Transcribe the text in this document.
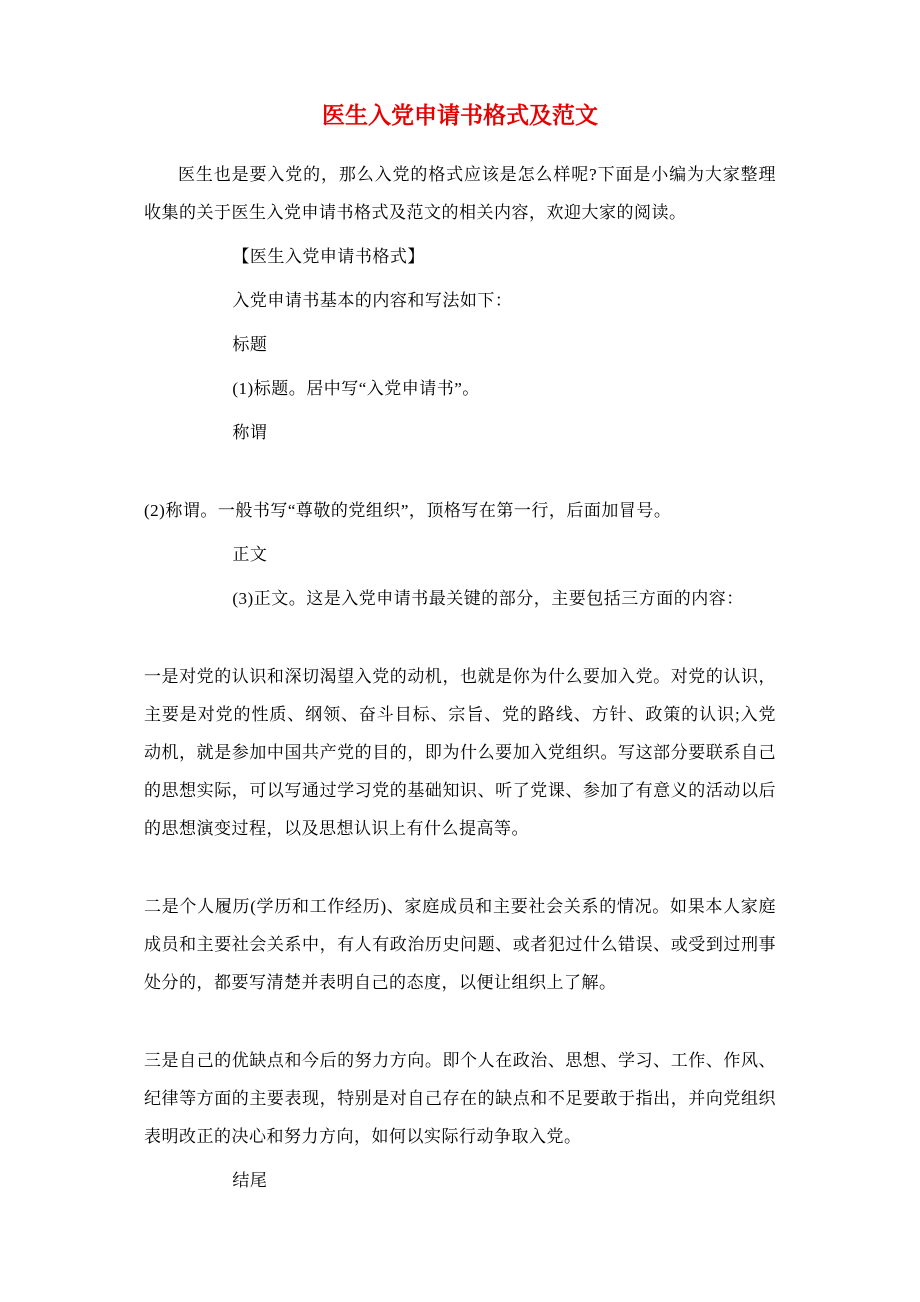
医生入党申请书格式及范文

医生也是要入党的，那么入党的格式应该是怎么样呢?下面是小编为大家整理收集的关于医生入党申请书格式及范文的相关内容，欢迎大家的阅读。

【医生入党申请书格式】

入党申请书基本的内容和写法如下：

标题

(1)标题。居中写“入党申请书”。

称谓

(2)称谓。一般书写“尊敬的党组织”，顶格写在第一行，后面加冒号。

正文

(3)正文。这是入党申请书最关键的部分，主要包括三方面的内容：

一是对党的认识和深切渴望入党的动机，也就是你为什么要加入党。对党的认识，主要是对党的性质、纲领、奋斗目标、宗旨、党的路线、方针、政策的认识;入党动机，就是参加中国共产党的目的，即为什么要加入党组织。写这部分要联系自己的思想实际，可以写通过学习党的基础知识、听了党课、参加了有意义的活动以后的思想演变过程，以及思想认识上有什么提高等。

二是个人履历(学历和工作经历)、家庭成员和主要社会关系的情况。如果本人家庭成员和主要社会关系中，有人有政治历史问题、或者犯过什么错误、或受到过刑事处分的，都要写清楚并表明自己的态度，以便让组织上了解。

三是自己的优缺点和今后的努力方向。即个人在政治、思想、学习、工作、作风、纪律等方面的主要表现，特别是对自己存在的缺点和不足要敢于指出，并向党组织表明改正的决心和努力方向，如何以实际行动争取入党。

结尾
